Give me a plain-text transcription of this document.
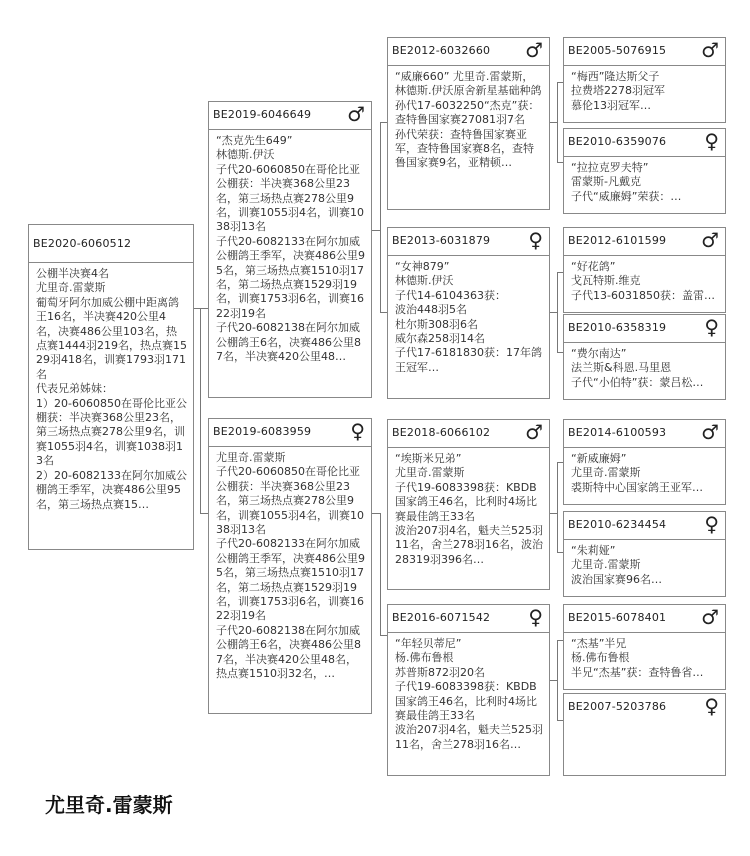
BE2020-6060512
公棚半决赛4名
尤里奇.雷蒙斯
葡萄牙阿尔加威公棚中距离鸽王16名，半决赛420公里4名，决赛486公里103名，热点赛1444羽219名，热点赛1529羽418名，训赛1793羽171名
代表兄弟姊妹：
1）20-6060850在哥伦比亚公棚获：半决赛368公里23名，第三场热点赛278公里9名，训赛1055羽4名，训赛1038羽13名
2）20-6082133在阿尔加威公棚鸽王季军，决赛486公里95名，第三场热点赛15…
BE2019-6046649 ♂
“杰克先生649”
林德斯.伊沃
子代20-6060850在哥伦比亚公棚获：半决赛368公里23名，第三场热点赛278公里9名，训赛1055羽4名，训赛1038羽13名
子代20-6082133在阿尔加威公棚鸽王季军，决赛486公里95名，第三场热点赛1510羽17名，第二场热点赛1529羽19名，训赛1753羽6名，训赛1622羽19名
子代20-6082138在阿尔加威公棚鸽王6名，决赛486公里87名，半决赛420公里48…
BE2019-6083959 ♀
尤里奇.雷蒙斯
子代20-6060850在哥伦比亚公棚获：半决赛368公里23名，第三场热点赛278公里9名，训赛1055羽4名，训赛1038羽13名
子代20-6082133在阿尔加威公棚鸽王季军，决赛486公里95名，第三场热点赛1510羽17名，第二场热点赛1529羽19名，训赛1753羽6名，训赛1622羽19名
子代20-6082138在阿尔加威公棚鸽王6名，决赛486公里87名，半决赛420公里48名，热点赛1510羽32名，…
BE2012-6032660 ♂
“威廉660” 尤里奇.雷蒙斯，林德斯.伊沃原舍新星基础种鸽
孙代17-6032250“杰克”获：查特鲁国家赛27081羽7名
孙代荣获：查特鲁国家赛亚军，查特鲁国家赛8名，查特鲁国家赛9名，亚精顿…
BE2013-6031879 ♀
“女神879”
林德斯.伊沃
子代14-6104363获：
波治448羽5名
杜尔斯308羽6名
威尔森258羽14名
子代17-6181830获：17年鸽王冠军…
BE2018-6066102 ♂
“埃斯米兄弟”
尤里奇.雷蒙斯
子代19-6083398获：KBDB国家鸽王46名，比利时4场比赛最佳鸽王33名
波治207羽4名，魁夫兰525羽11名，舍兰278羽16名，波治28319羽396名…
BE2016-6071542 ♀
“年轻贝蒂尼”
杨.佛布鲁根
苏普斯872羽20名
子代19-6083398获：KBDB国家鸽王46名，比利时4场比赛最佳鸽王33名
波治207羽4名，魁夫兰525羽11名，舍兰278羽16名…
BE2005-5076915 ♂
“梅西”隆达斯父子
拉费塔2278羽冠军
慕伦13羽冠军…
BE2010-6359076 ♀
“拉拉克罗夫特”
雷蒙斯-凡戴克
子代“威廉姆”荣获：…
BE2012-6101599 ♂
“好花鸽”
戈瓦特斯.维克
子代13-6031850获：盖雷…
BE2010-6358319 ♀
“费尔南达”
法兰斯&科恩.马里恩
子代“小伯特”获：蒙吕松…
BE2014-6100593 ♂
“新威廉姆”
尤里奇.雷蒙斯
裘斯特中心国家鸽王亚军…
BE2010-6234454 ♀
“朱莉娅”
尤里奇.雷蒙斯
波治国家赛96名…
BE2015-6078401 ♂
“杰基”半兄
杨.佛布鲁根
半兄“杰基”获：查特鲁省…
BE2007-5203786 ♀
尤里奇.雷蒙斯
